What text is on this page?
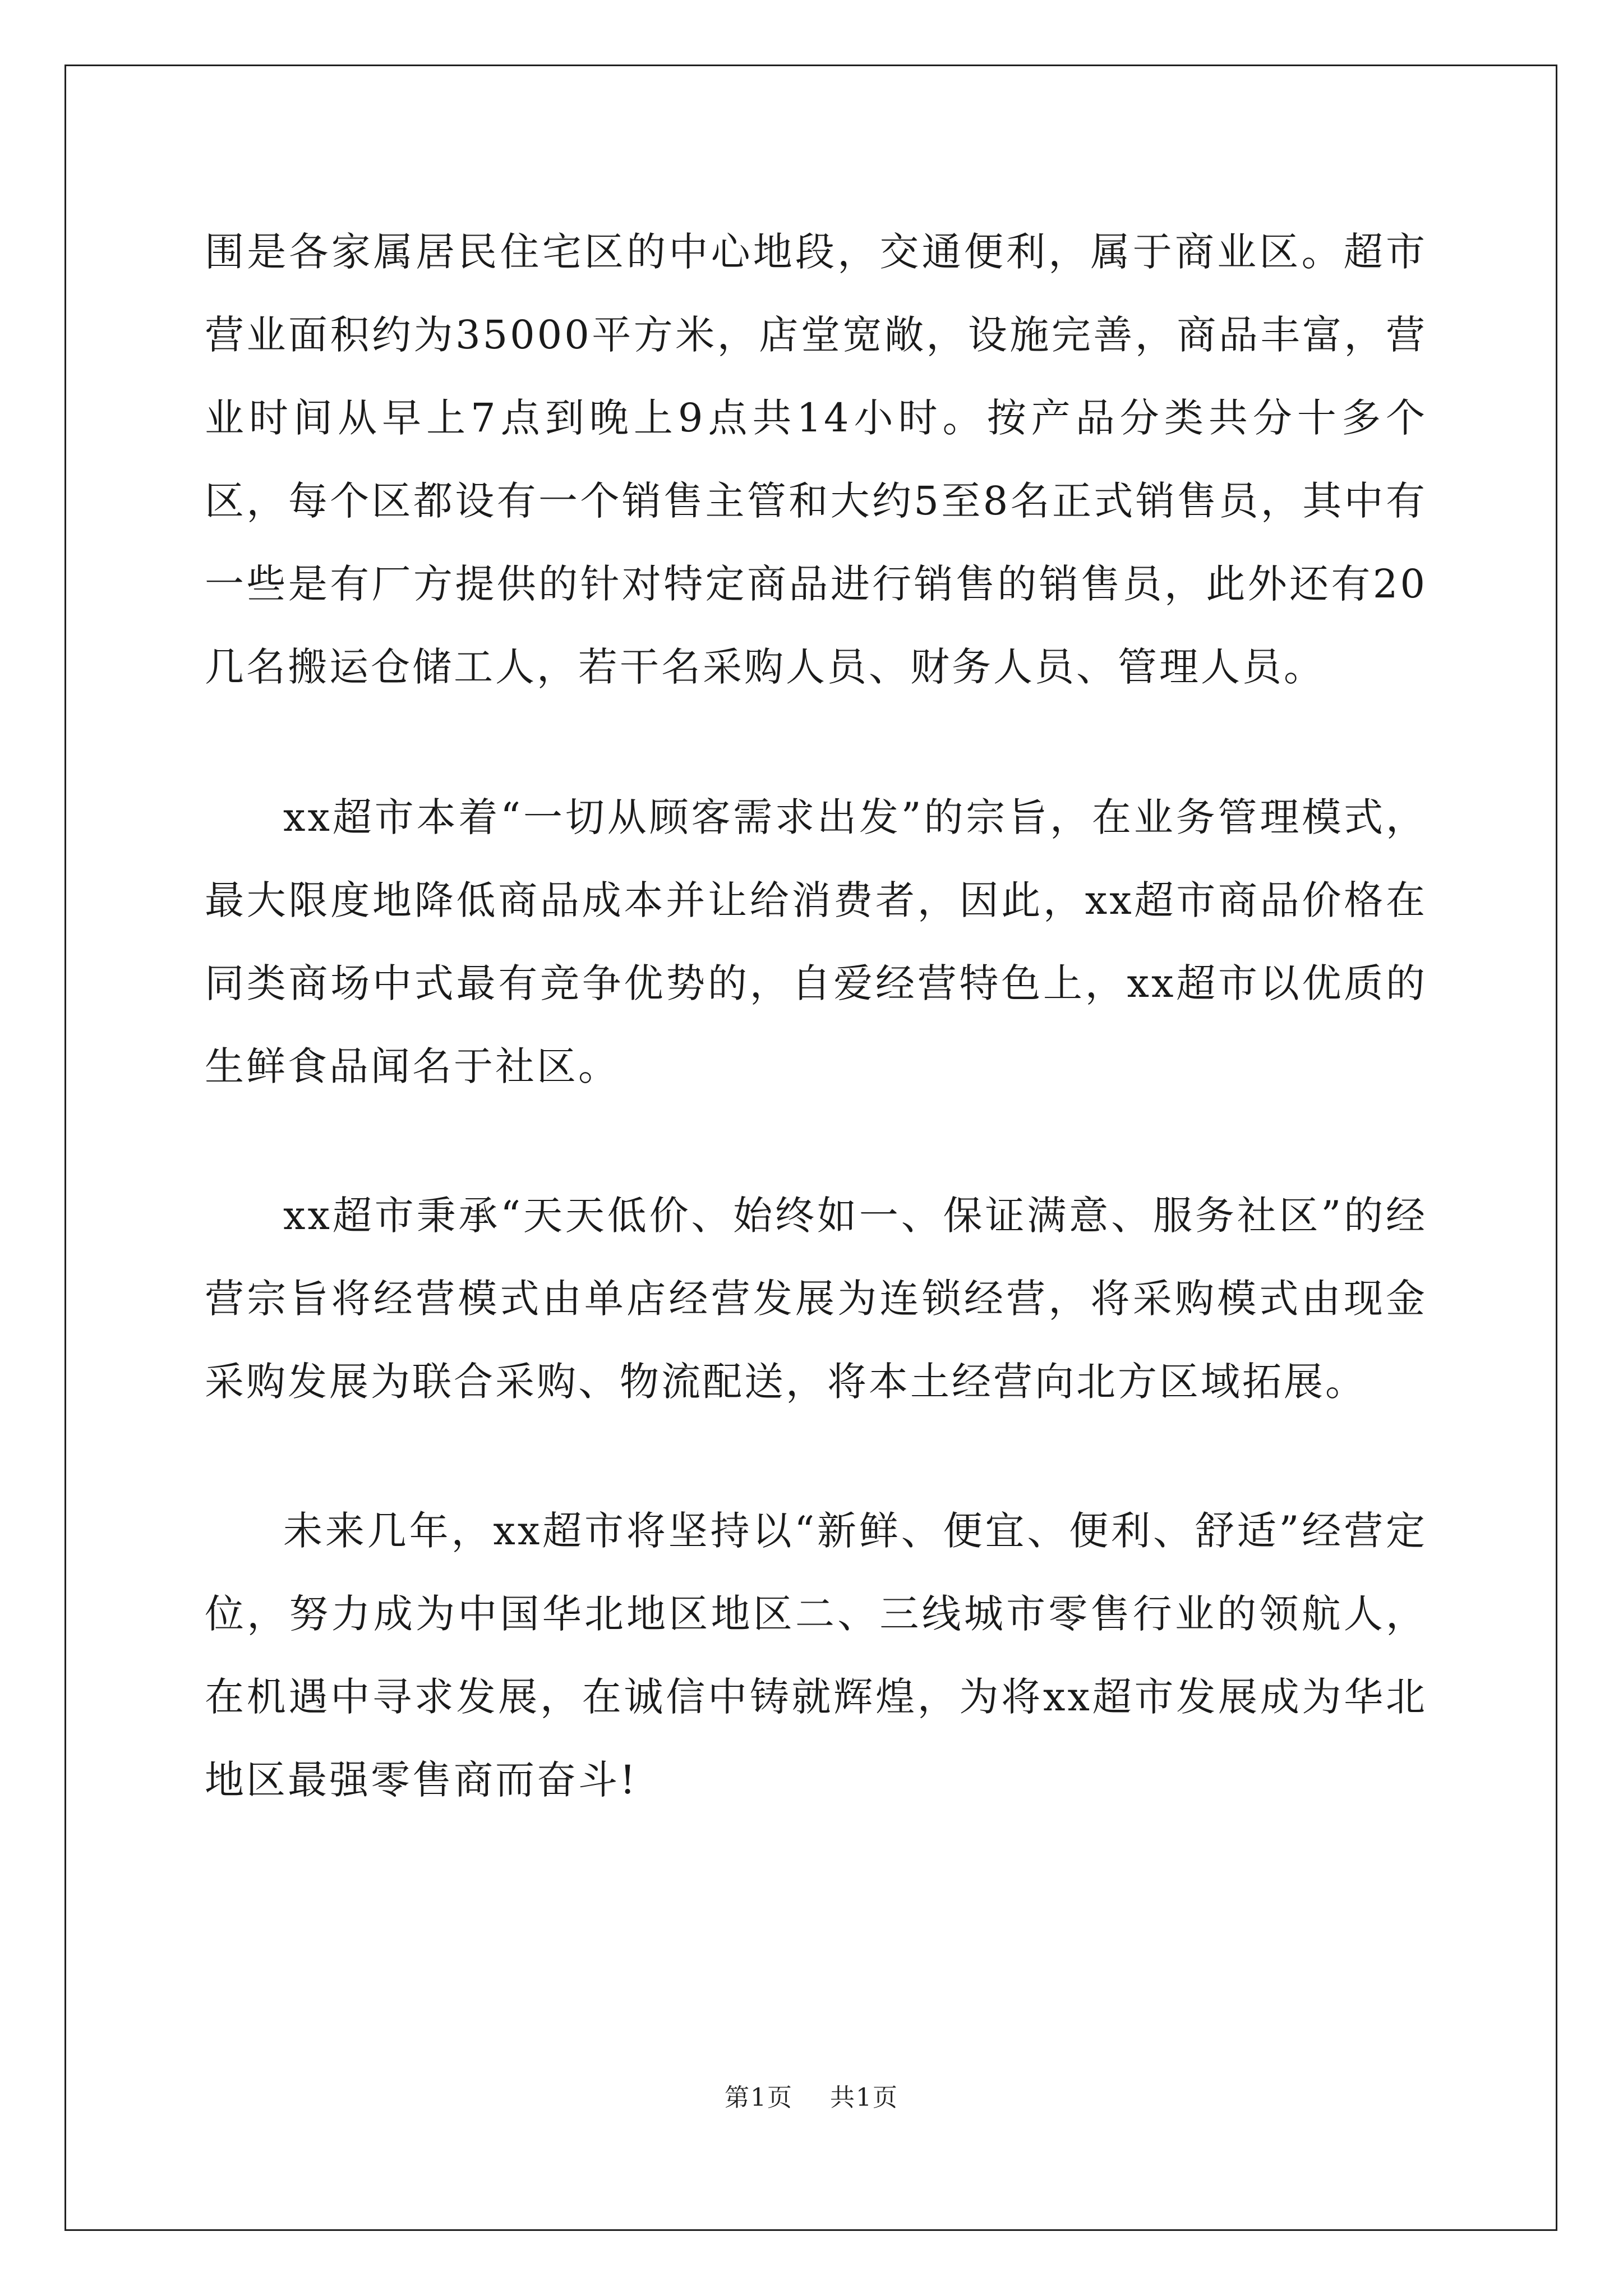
围是各家属居民住宅区的中心地段，交通便利，属于商业区。超市营业面积约为35000平方米，店堂宽敞，设施完善，商品丰富，营业时间从早上7点到晚上9点共14小时。按产品分类共分十多个区，每个区都设有一个销售主管和大约5至8名正式销售员，其中有一些是有厂方提供的针对特定商品进行销售的销售员，此外还有20几名搬运仓储工人，若干名采购人员、财务人员、管理人员。

xx超市本着“一切从顾客需求出发”的宗旨，在业务管理模式，最大限度地降低商品成本并让给消费者，因此，xx超市商品价格在同类商场中式最有竞争优势的，自爱经营特色上，xx超市以优质的生鲜食品闻名于社区。

xx超市秉承“天天低价、始终如一、保证满意、服务社区”的经营宗旨将经营模式由单店经营发展为连锁经营，将采购模式由现金采购发展为联合采购、物流配送，将本土经营向北方区域拓展。

未来几年，xx超市将坚持以“新鲜、便宜、便利、舒适”经营定位，努力成为中国华北地区地区二、三线城市零售行业的领航人，在机遇中寻求发展，在诚信中铸就辉煌，为将xx超市发展成为华北地区最强零售商而奋斗!

第1页 共1页
